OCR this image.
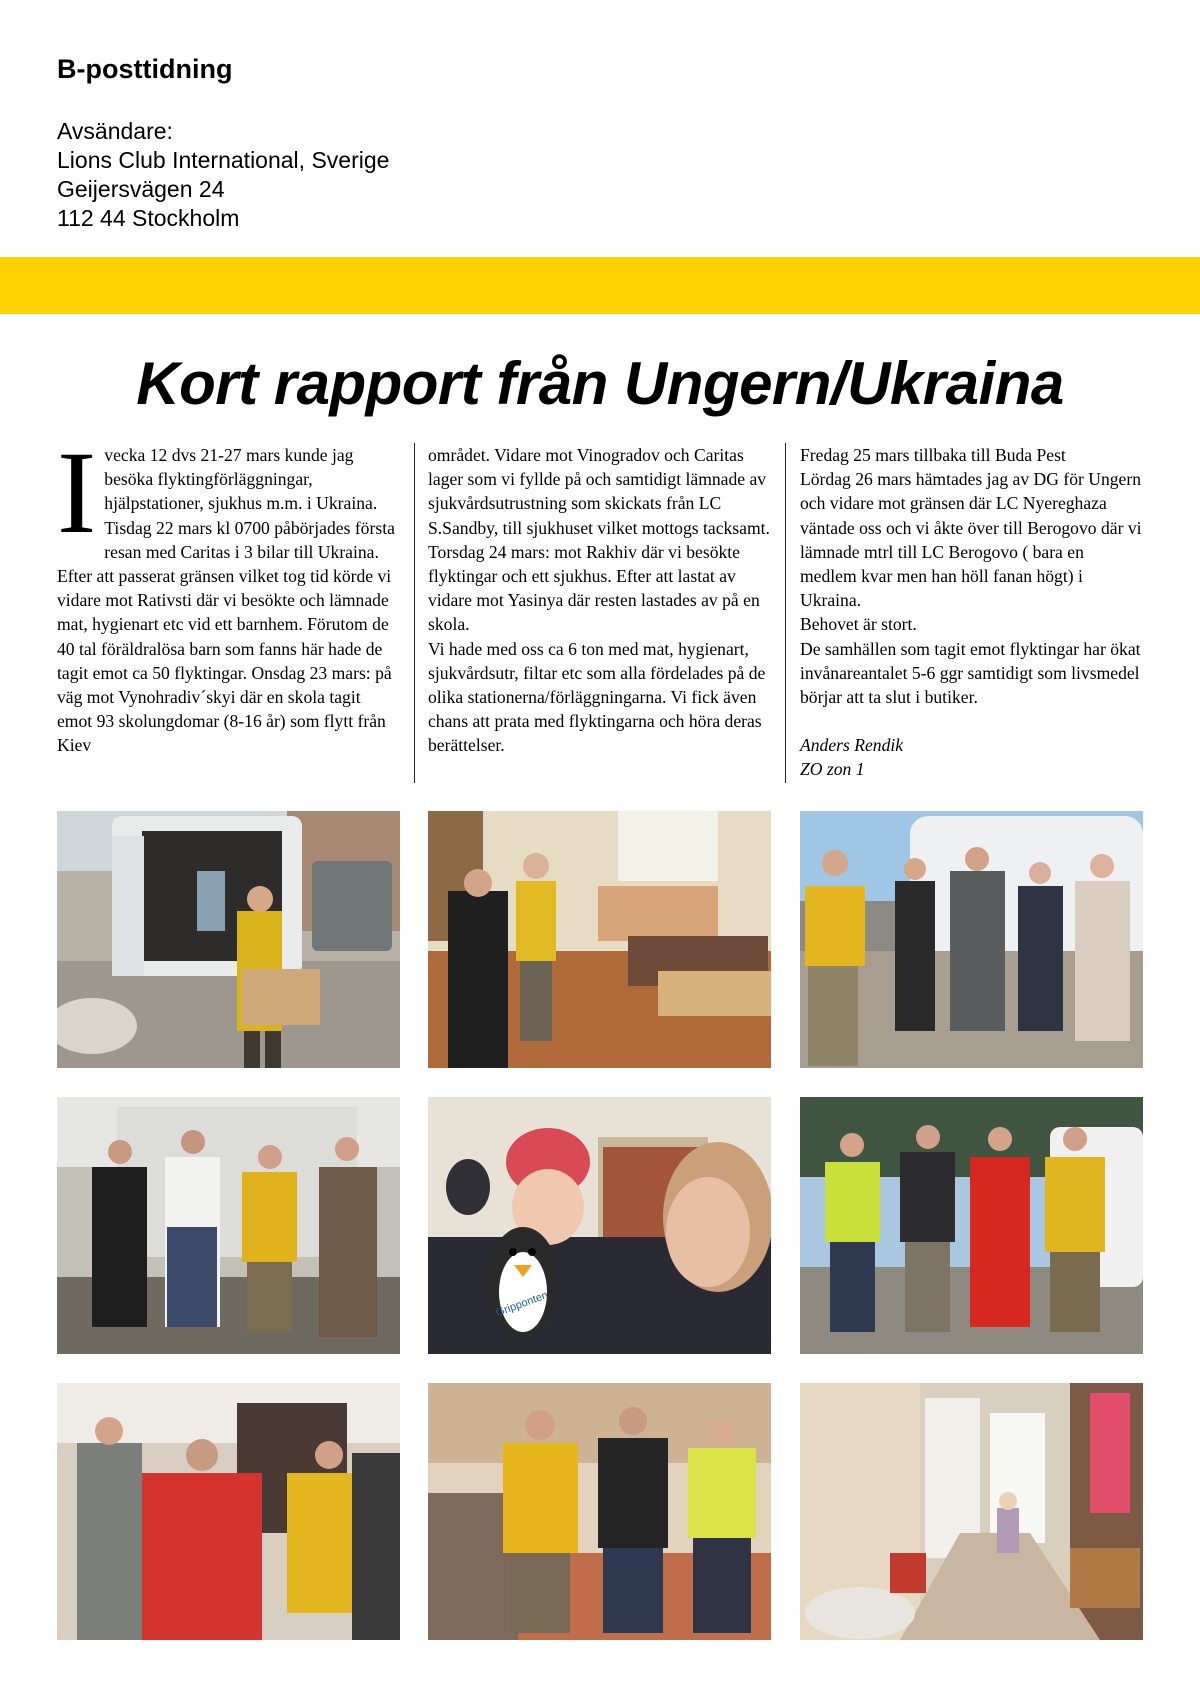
B-posttidning
Avsändare:
Lions Club International, Sverige
Geijersvägen 24
112 44 Stockholm
Kort rapport från Ungern/Ukraina

Ivecka 12 dvs 21-27 mars kunde jag besöka flyktingförläggningar, hjälpstationer, sjukhus m.m. i Ukraina. Tisdag 22 mars kl 0700 påbörjades första resan med Caritas i 3 bilar till Ukraina. Efter att passerat gränsen vilket tog tid körde vi vidare mot Rativsti där vi besökte och lämnade mat, hygienart etc vid ett barnhem. Förutom de 40 tal föräldralösa barn som fanns här hade de tagit emot ca 50 flyktingar. Onsdag 23 mars: på väg mot Vynohradiv´skyi där en skola tagit emot 93 skolungdomar (8-16 år) som flytt från Kiev

området. Vidare mot Vinogradov och Caritas lager som vi fyllde på och samtidigt lämnade av sjukvårdsutrustning som skickats från LC S.Sandby, till sjukhuset vilket mottogs tacksamt.

Torsdag 24 mars: mot Rakhiv där vi besökte flyktingar och ett sjukhus. Efter att lastat av vidare mot Yasinya där resten lastades av på en skola.

Vi hade med oss ca 6 ton med mat, hygienart, sjukvårdsutr, filtar etc som alla fördelades på de olika stationerna/förläggningarna. Vi fick även chans att prata med flyktingarna och höra deras berättelser.

Fredag 25 mars tillbaka till Buda Pest

Lördag 26 mars hämtades jag av DG för Ungern och vidare mot gränsen där LC Nyereghaza väntade oss och vi åkte över till Berogovo där vi lämnade mtrl till LC Berogovo ( bara en medlem kvar men han höll fanan högt) i Ukraina.

Behovet är stort.

De samhällen som tagit emot flyktingar har ökat invånareantalet 5-6 ggr samtidigt som livsmedel börjar att ta slut i butiker.

Anders Rendik
ZO zon 1

Gripponten
